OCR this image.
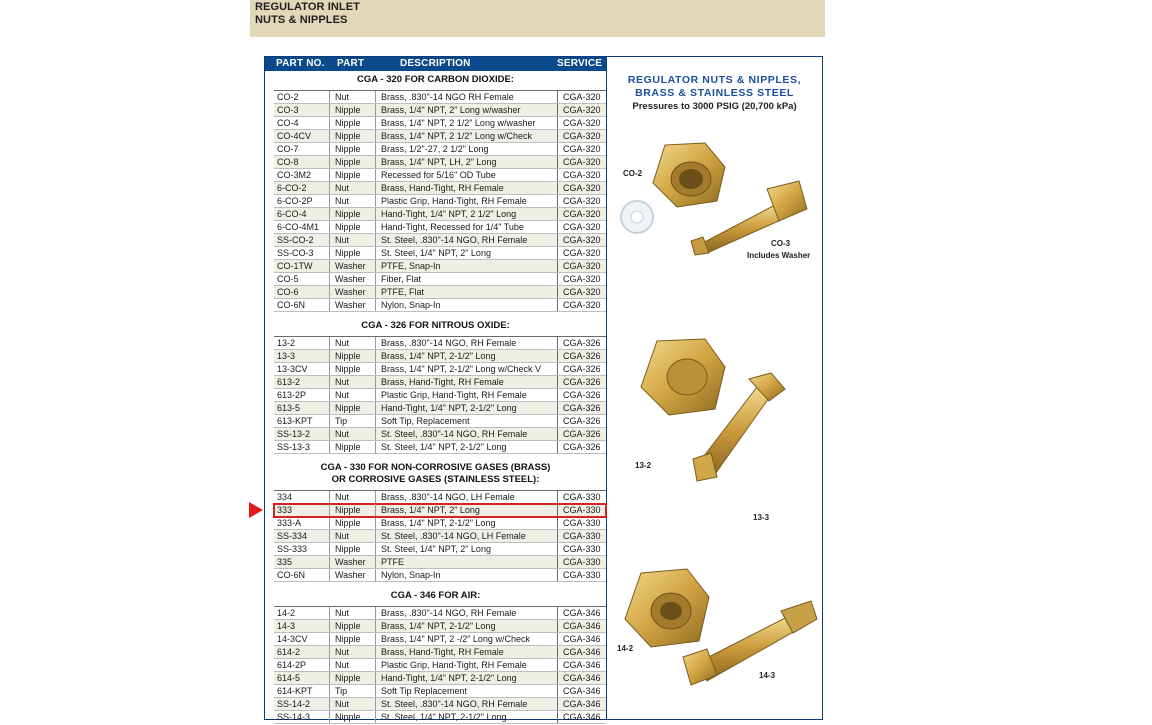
REGULATOR INLET
NUTS & NIPPLES
PART NO. PART	DESCRIPTION	SERVICE
CGA - 320 FOR CARBON DIOXIDE:
CO-2	Nut	Brass, .830"-14 NGO RH Female	CGA-320
CO-3	Nipple Brass, 1/4" NPT, 2" Long w/washer	CGA-320
CO-4	Nipple Brass, 1/4" NPT, 2 1/2" Long w/washer	CGA-320
CO-4CV	Nipple Brass, 1/4" NPT, 2 1/2" Long w/Check	CGA-320
CO-7	Nipple Brass, 1/2"-27, 2 1/2" Long	CGA-320
CO-8	Nipple Brass, 1/4" NPT, LH, 2" Long	CGA-320
CO-3M2	Nipple Recessed for 5/16" OD Tube	CGA-320
6-CO-2	Nut	Brass, Hand-Tight, RH Female	CGA-320
6-CO-2P Nut	Plastic Grip, Hand-Tight, RH Female	CGA-320
6-CO-4	Nipple Hand-Tight, 1/4" NPT, 2 1/2" Long	CGA-320
6-CO-4M1 Nipple Hand-Tight, Recessed for 1/4" Tube	CGA-320
SS-CO-2 Nut	St. Steel, .830"-14 NGO, RH Female	CGA-320
SS-CO-3 Nipple St. Steel, 1/4" NPT, 2" Long	CGA-320
CO-1TW	Washer PTFE, Snap-In	CGA-320
CO-5	Washer Fiber, Flat	CGA-320
CO-6	Washer PTFE, Flat	CGA-320
CO-6N	Washer Nylon, Snap-In	CGA-320
CGA - 326 FOR NITROUS OXIDE:
13-2	Nut	Brass, .830"-14 NGO, RH Female	CGA-326
13-3	Nipple Brass, 1/4" NPT, 2-1/2" Long	CGA-326
13-3CV	Nipple Brass, 1/4" NPT, 2-1/2" Long w/Check V	CGA-326
613-2	Nut	Brass, Hand-Tight, RH Female	CGA-326
613-2P	Nut	Plastic Grip, Hand-Tight, RH Female	CGA-326
613-5	Nipple Hand-Tight, 1/4" NPT, 2-1/2" Long	CGA-326
613-KPT Tip	Soft Tip, Replacement	CGA-326
SS-13-2	Nut	St. Steel, .830"-14 NGO, RH Female	CGA-326
SS-13-3	Nipple St. Steel, 1/4" NPT, 2-1/2" Long	CGA-326
CGA - 330 FOR NON-CORROSIVE GASES (BRASS)
OR CORROSIVE GASES (STAINLESS STEEL):
334	Nut	Brass, .830"-14 NGO, LH Female	CGA-330
333	Nipple Brass, 1/4" NPT, 2" Long	CGA-330
333-A	Nipple Brass, 1/4" NPT, 2-1/2" Long	CGA-330
SS-334	Nut	St. Steel, .830"-14 NGO, LH Female	CGA-330
SS-333	Nipple St. Steel, 1/4" NPT, 2" Long	CGA-330
335	Washer PTFE	CGA-330
CO-6N	Washer Nylon, Snap-In	CGA-330
CGA - 346 FOR AIR:
14-2	Nut	Brass, .830"-14 NGO, RH Female	CGA-346
14-3	Nipple Brass, 1/4" NPT, 2-1/2" Long	CGA-346
14-3CV	Nipple Brass, 1/4" NPT, 2 -/2" Long w/Check	CGA-346
614-2	Nut	Brass, Hand-Tight, RH Female	CGA-346
614-2P	Nut	Plastic Grip, Hand-Tight, RH Female	CGA-346
614-5	Nipple Hand-Tight, 1/4" NPT, 2-1/2" Long	CGA-346
614-KPT Tip	Soft Tip Replacement	CGA-346
SS-14-2	Nut	St. Steel, .830"-14 NGO, RH Female	CGA-346
SS-14-3	Nipple St. Steel, 1/4" NPT, 2-1/2" Long	CGA-346
REGULATOR NUTS & NIPPLES,
BRASS & STAINLESS STEEL
Pressures to 3000 PSIG (20,700 kPa)
CO-2
CO-3
Includes Washer
13-2
13-3
14-2
14-3
